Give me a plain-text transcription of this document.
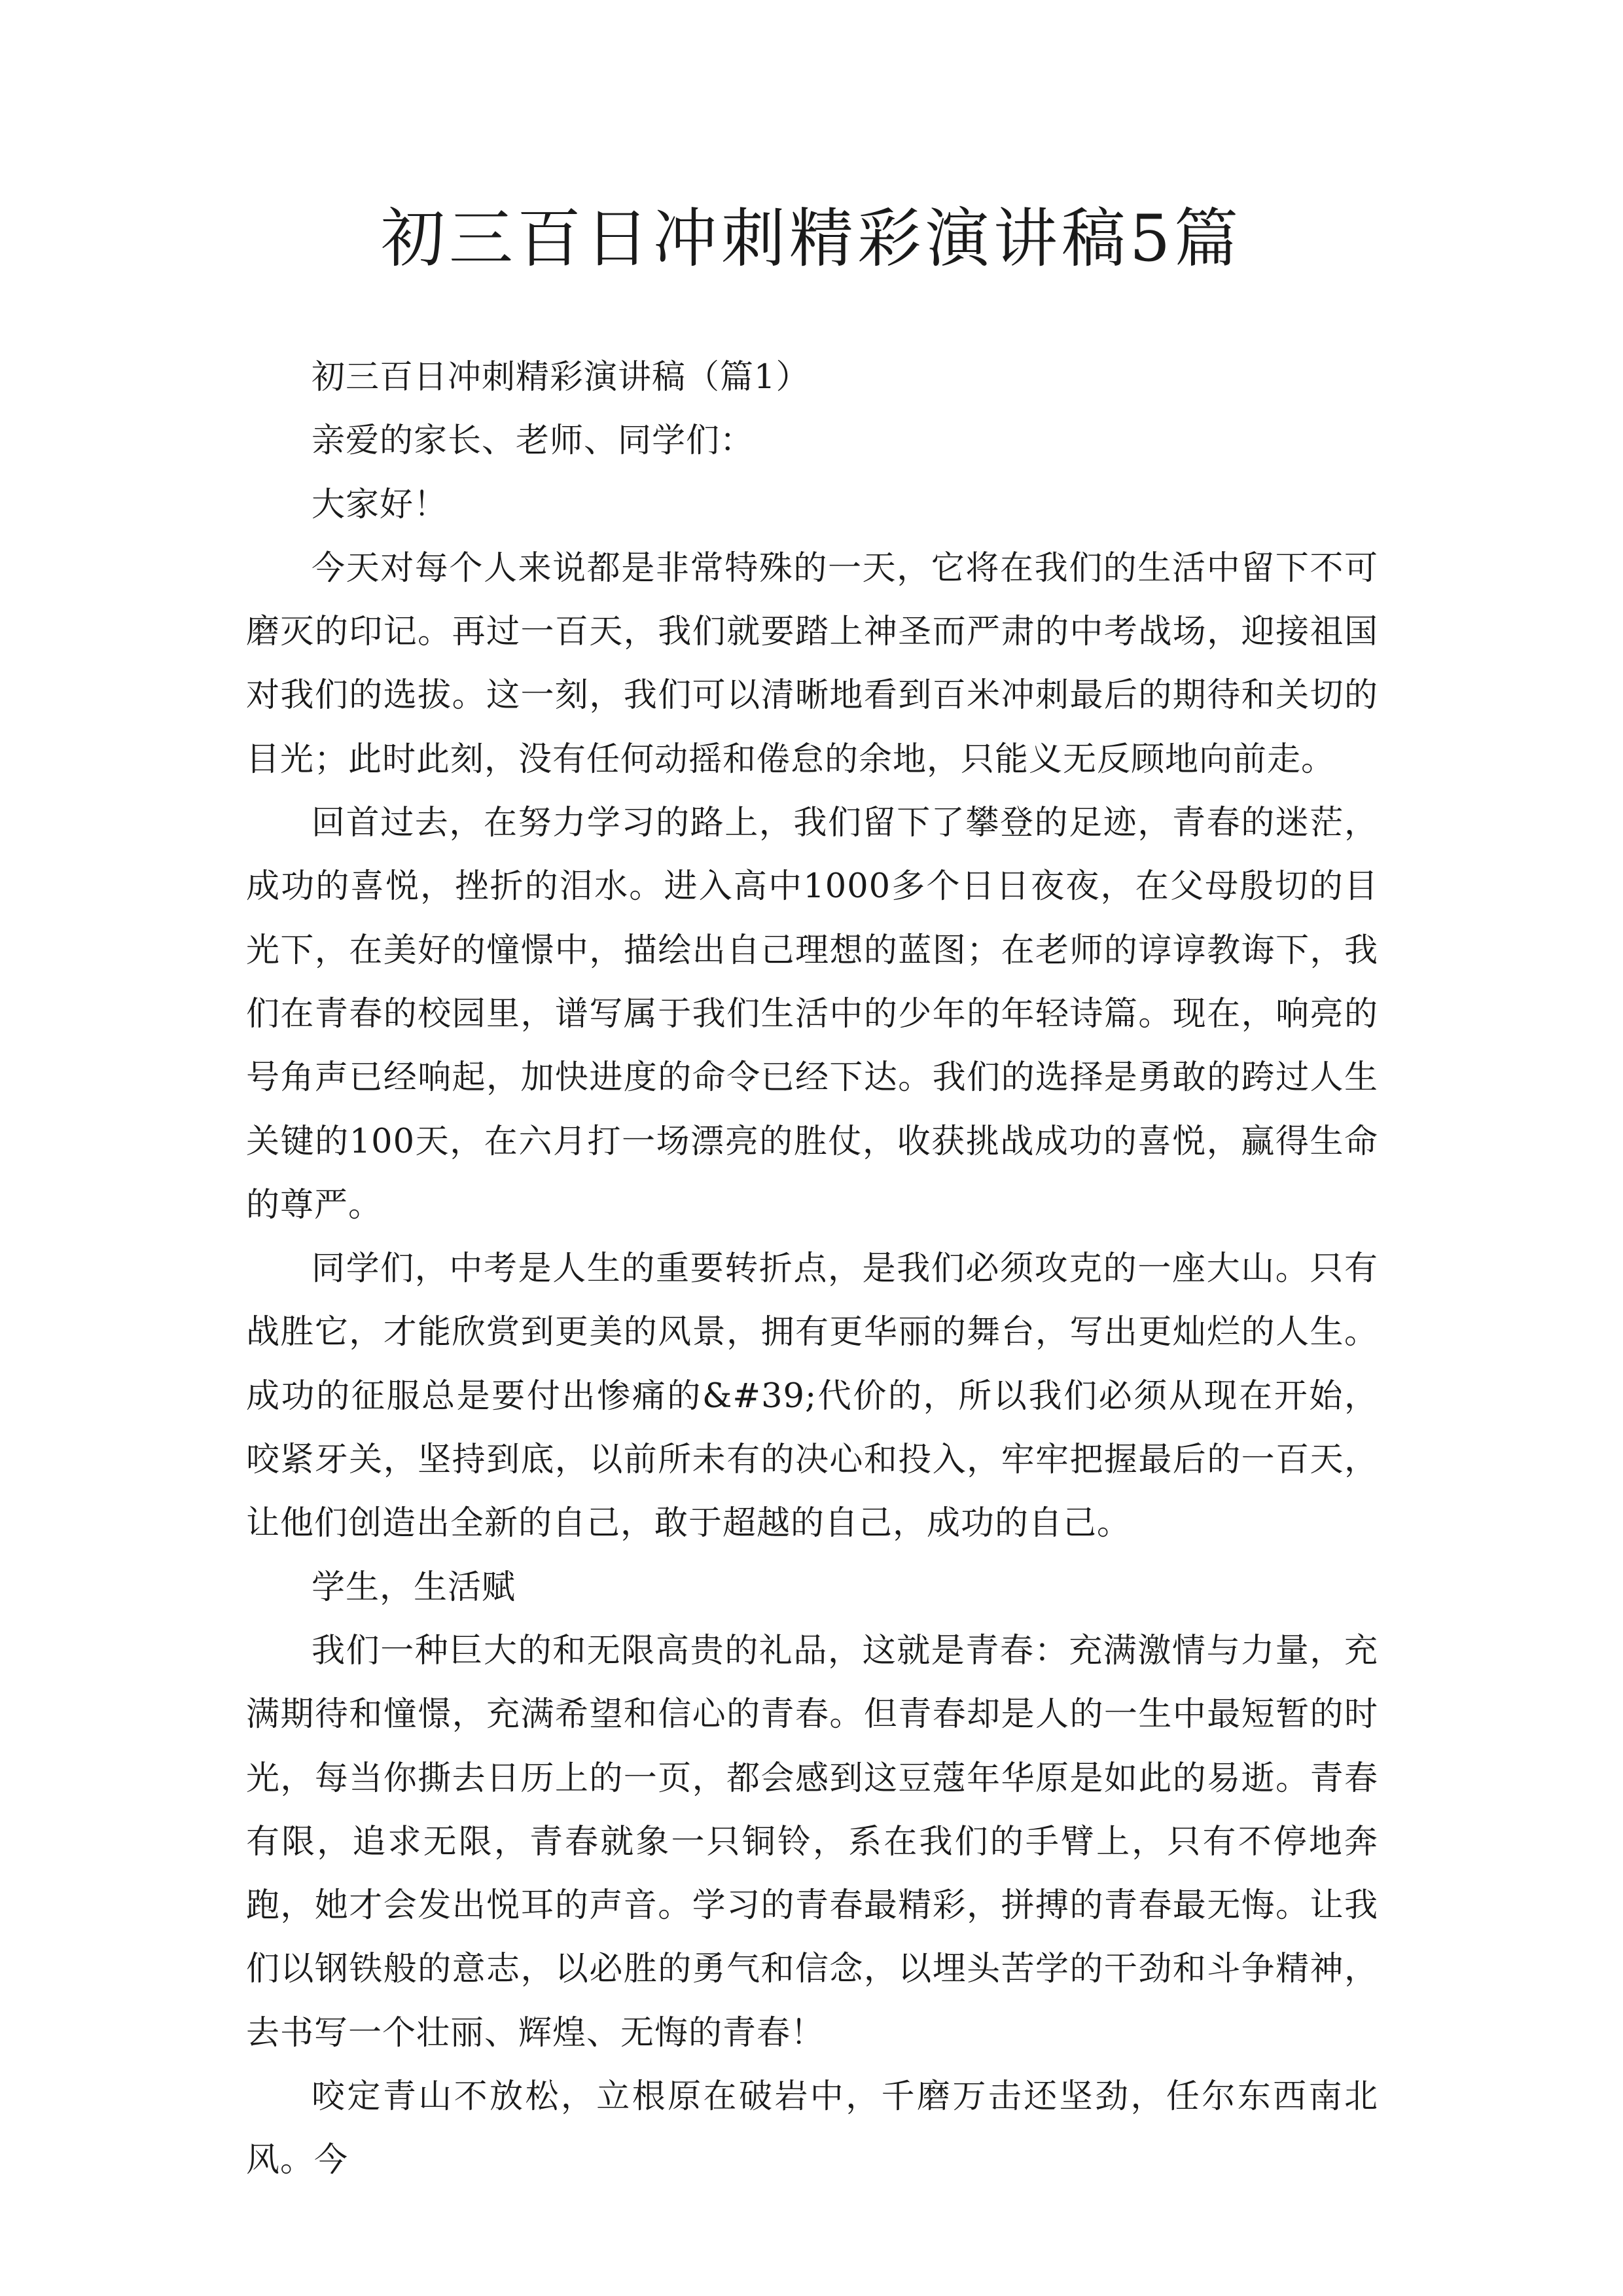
初三百日冲刺精彩演讲稿5篇

初三百日冲刺精彩演讲稿（篇1）

亲爱的家长、老师、同学们：

大家好！

今天对每个人来说都是非常特殊的一天，它将在我们的生活中留下不可磨灭的印记。再过一百天，我们就要踏上神圣而严肃的中考战场，迎接祖国对我们的选拔。这一刻，我们可以清晰地看到百米冲刺最后的期待和关切的目光；此时此刻，没有任何动摇和倦怠的余地，只能义无反顾地向前走。

回首过去，在努力学习的路上，我们留下了攀登的足迹，青春的迷茫，成功的喜悦，挫折的泪水。进入高中1000多个日日夜夜，在父母殷切的目光下，在美好的憧憬中，描绘出自己理想的蓝图；在老师的谆谆教诲下，我们在青春的校园里，谱写属于我们生活中的少年的年轻诗篇。现在，响亮的号角声已经响起，加快进度的命令已经下达。我们的选择是勇敢的跨过人生关键的100天，在六月打一场漂亮的胜仗，收获挑战成功的喜悦，赢得生命的尊严。

同学们，中考是人生的重要转折点，是我们必须攻克的一座大山。只有战胜它，才能欣赏到更美的风景，拥有更华丽的舞台，写出更灿烂的人生。成功的征服总是要付出惨痛的&#39;代价的，所以我们必须从现在开始，咬紧牙关，坚持到底，以前所未有的决心和投入，牢牢把握最后的一百天，让他们创造出全新的自己，敢于超越的自己，成功的自己。

学生，生活赋

我们一种巨大的和无限高贵的礼品，这就是青春：充满激情与力量，充满期待和憧憬，充满希望和信心的青春。但青春却是人的一生中最短暂的时光，每当你撕去日历上的一页，都会感到这豆蔻年华原是如此的易逝。青春有限，追求无限，青春就象一只铜铃，系在我们的手臂上，只有不停地奔跑，她才会发出悦耳的声音。学习的青春最精彩，拼搏的青春最无悔。让我们以钢铁般的意志，以必胜的勇气和信念，以埋头苦学的干劲和斗争精神，去书写一个壮丽、辉煌、无悔的青春！

咬定青山不放松，立根原在破岩中，千磨万击还坚劲，任尔东西南北风。今
